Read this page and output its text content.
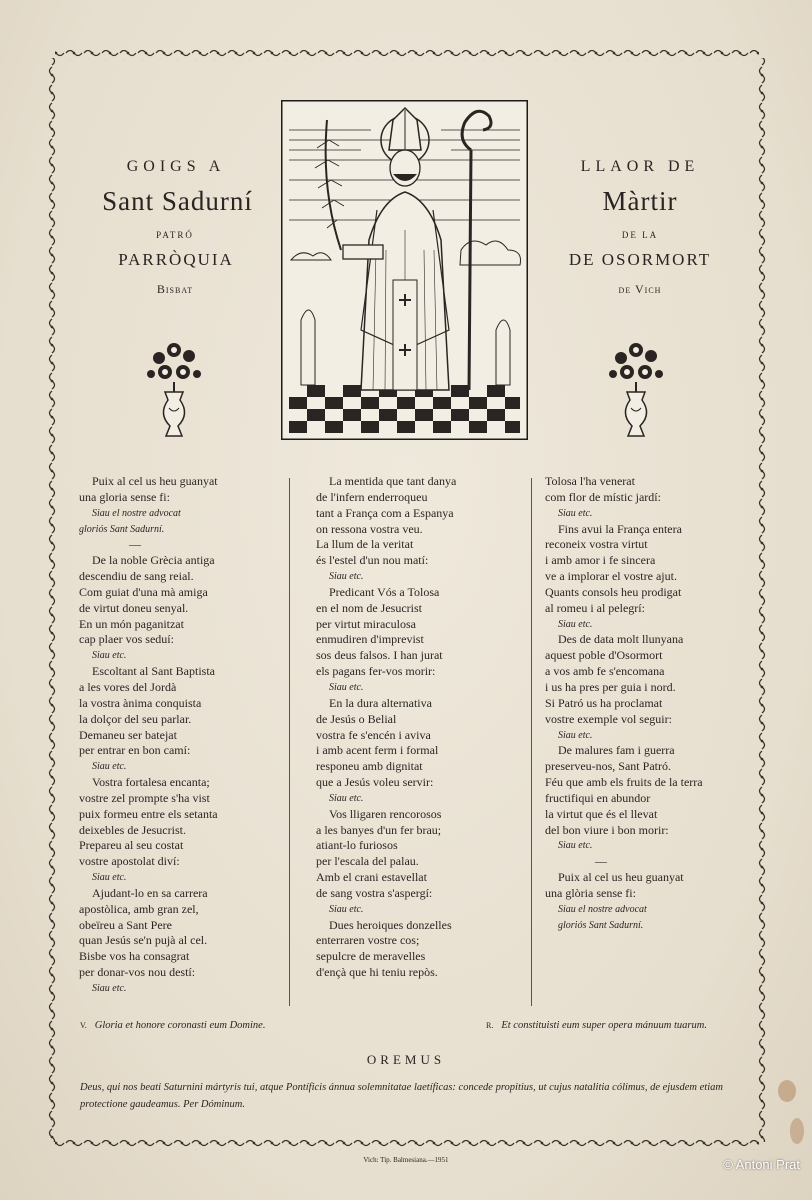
GOIGS A
Sant Sadurní
PATRÓ
PARRÒQUIA
Bisbat
LLAOR DE
Màrtir
DE LA
DE OSORMORT
de Vich
Puix al cel us heu guanyat
una gloria sense fi:
Siau el nostre advocat
gloriós Sant Sadurní.
—
De la noble Grècia antiga
descendiu de sang reial.
Com guiat d'una mà amiga
de virtut doneu senyal.
En un món paganitzat
cap plaer vos seduí:
Siau etc.
Escoltant al Sant Baptista
a les vores del Jordà
la vostra ànima conquista
la dolçor del seu parlar.
Demaneu ser batejat
per entrar en bon camí:
Siau etc.
Vostra fortalesa encanta;
vostre zel prompte s'ha vist
puix formeu entre els setanta
deixebles de Jesucrist.
Prepareu al seu costat
vostre apostolat diví:
Siau etc.
Ajudant-lo en sa carrera
apostòlica, amb gran zel,
obeïreu a Sant Pere
quan Jesús se'n pujà al cel.
Bisbe vos ha consagrat
per donar-vos nou destí:
Siau etc.
La mentida que tant danya
de l'infern enderroqueu
tant a França com a Espanya
on ressona vostra veu.
La llum de la veritat
és l'estel d'un nou matí:
Siau etc.
Predicant Vós a Tolosa
en el nom de Jesucrist
per virtut miraculosa
enmudiren d'imprevist
sos deus falsos. I han jurat
els pagans fer-vos morir:
Siau etc.
En la dura alternativa
de Jesús o Belial
vostra fe s'encén i aviva
i amb acent ferm i formal
responeu amb dignitat
que a Jesús voleu servir:
Siau etc.
Vos lligaren rencorosos
a les banyes d'un fer brau;
atiant-lo furiosos
per l'escala del palau.
Amb el crani estavellat
de sang vostra s'aspergí:
Siau etc.
Dues heroiques donzelles
enterraren vostre cos;
sepulcre de meravelles
d'ençà que hi teniu repòs.
Tolosa l'ha venerat
com flor de místic jardí:
Siau etc.
Fins avui la França entera
reconeix vostra virtut
i amb amor i fe sincera
ve a implorar el vostre ajut.
Quants consols heu prodigat
al romeu i al pelegrí:
Siau etc.
Des de data molt llunyana
aquest poble d'Osormort
a vos amb fe s'encomana
i us ha pres per guia i nord.
Si Patró us ha proclamat
vostre exemple vol seguir:
Siau etc.
De malures fam i guerra
preserveu-nos, Sant Patró.
Féu que amb els fruits de la terra
fructifiqui en abundor
la virtut que és el llevat
del bon viure i bon morir:
Siau etc.
—
Puix al cel us heu guanyat
una glòria sense fi:
Siau el nostre advocat
gloriós Sant Sadurní.
V. Gloria et honore coronasti eum Domine.	R. Et constituisti eum super opera mánuum tuarum.
OREMUS
Deus, qui nos beati Saturnini mártyris tui, atque Pontíficis ánnua solemnitatae laetíficas: concede propitius, ut cujus natalitia cólimus, de ejusdem etiam protectione gaudeamus. Per Dóminum.
Vich: Tip. Balmesiana.—1951	© Antoni Prat
